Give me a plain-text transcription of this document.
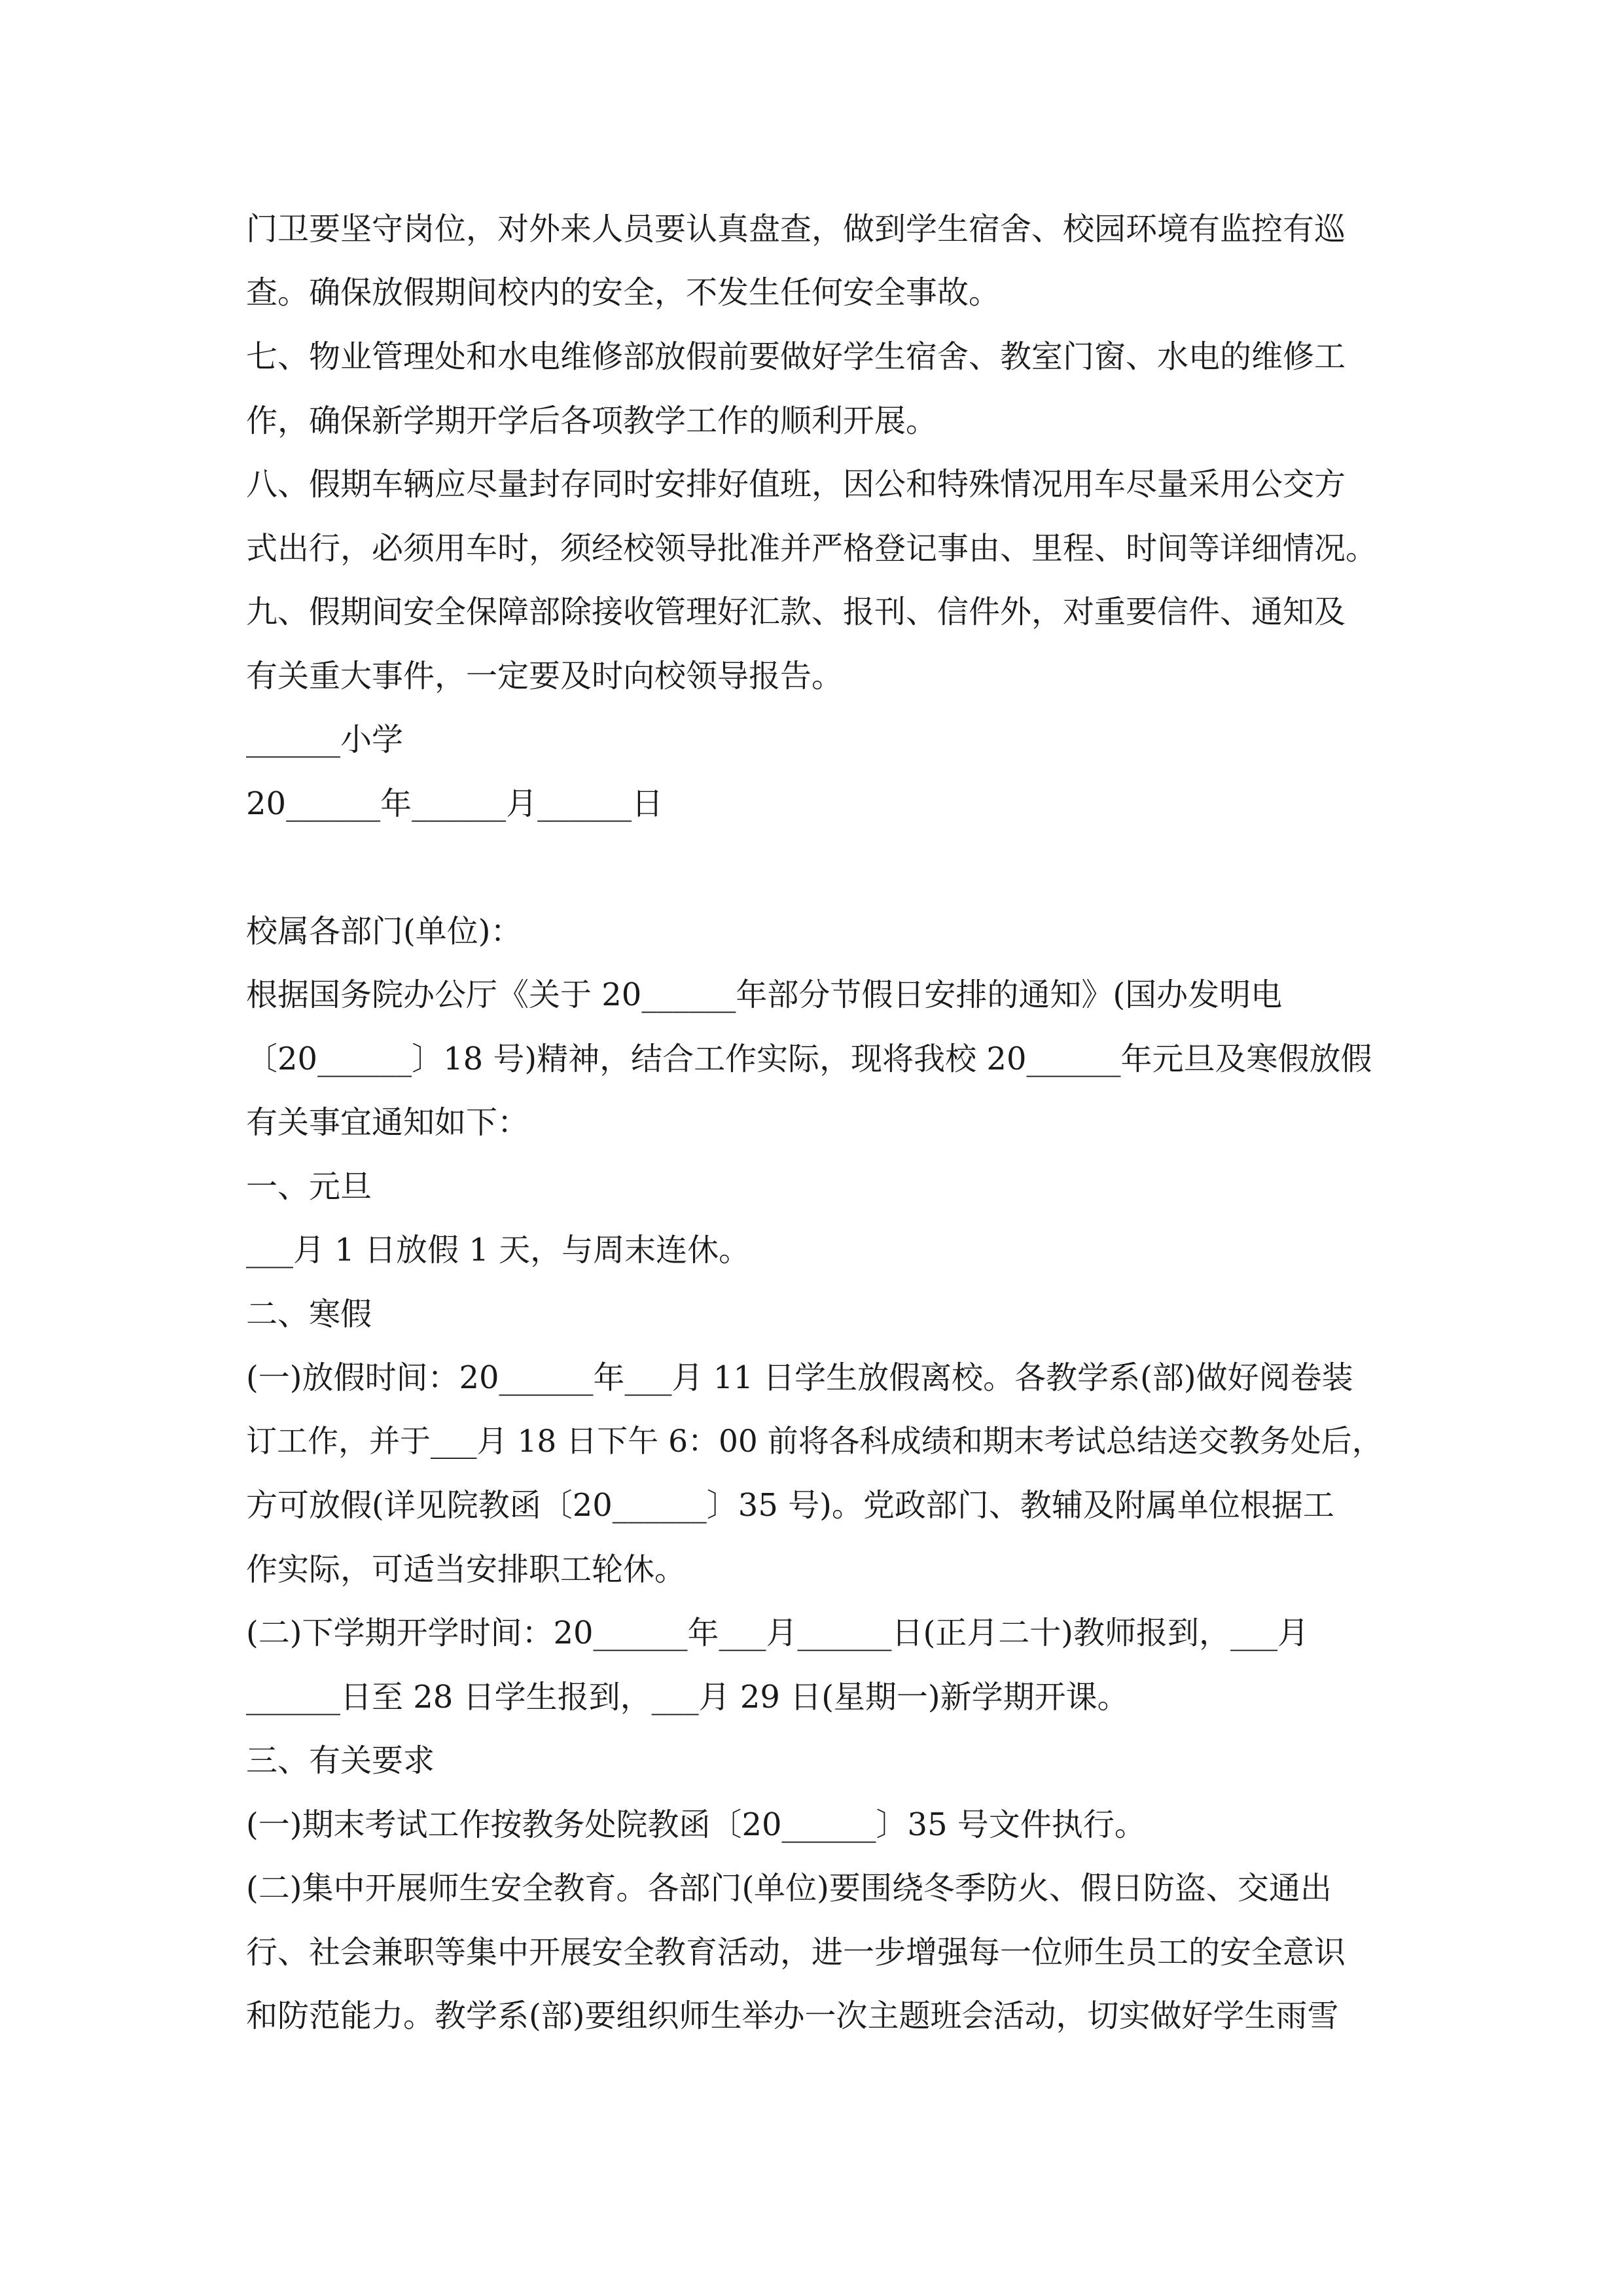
门卫要坚守岗位，对外来人员要认真盘查，做到学生宿舍、校园环境有监控有巡
查。确保放假期间校内的安全，不发生任何安全事故。
七、物业管理处和水电维修部放假前要做好学生宿舍、教室门窗、水电的维修工
作，确保新学期开学后各项教学工作的顺利开展。
八、假期车辆应尽量封存同时安排好值班，因公和特殊情况用车尽量采用公交方
式出行，必须用车时，须经校领导批准并严格登记事由、里程、时间等详细情况。
九、假期间安全保障部除接收管理好汇款、报刊、信件外，对重要信件、通知及
有关重大事件，一定要及时向校领导报告。
______小学
20______年______月______日
校属各部门(单位)：
根据国务院办公厅《关于 20______年部分节假日安排的通知》(国办发明电
〔20______〕18 号)精神，结合工作实际，现将我校 20______年元旦及寒假放假
有关事宜通知如下：
一、元旦
___月 1 日放假 1 天，与周末连休。
二、寒假
(一)放假时间：20______年___月 11 日学生放假离校。各教学系(部)做好阅卷装
订工作，并于___月 18 日下午 6：00 前将各科成绩和期末考试总结送交教务处后，
方可放假(详见院教函〔20______〕35 号)。党政部门、教辅及附属单位根据工
作实际，可适当安排职工轮休。
(二)下学期开学时间：20______年___月______日(正月二十)教师报到，___月
______日至 28 日学生报到，___月 29 日(星期一)新学期开课。
三、有关要求
(一)期末考试工作按教务处院教函〔20______〕35 号文件执行。
(二)集中开展师生安全教育。各部门(单位)要围绕冬季防火、假日防盗、交通出
行、社会兼职等集中开展安全教育活动，进一步增强每一位师生员工的安全意识
和防范能力。教学系(部)要组织师生举办一次主题班会活动，切实做好学生雨雪
